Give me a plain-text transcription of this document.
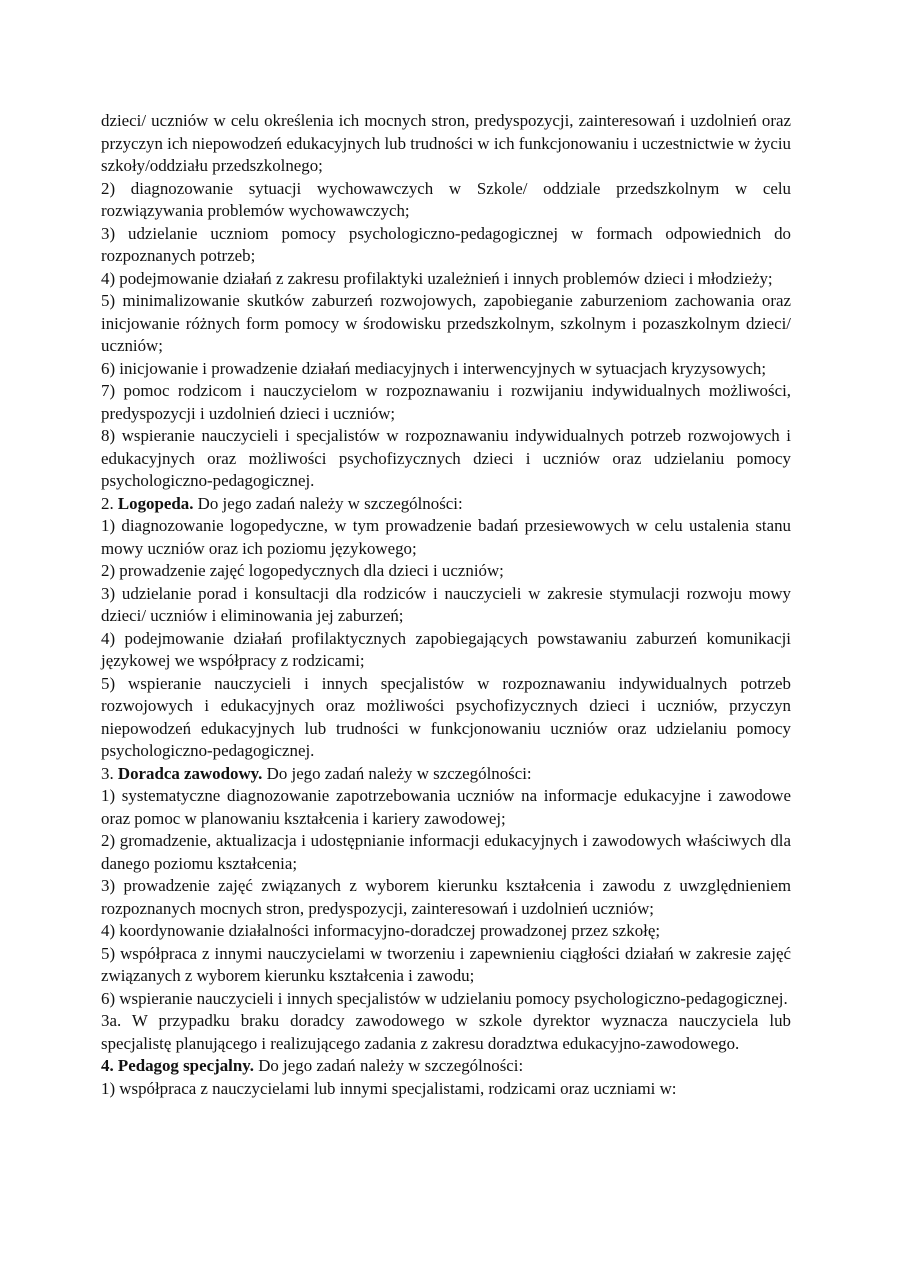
dzieci/ uczniów w celu określenia ich mocnych stron, predyspozycji, zainteresowań i uzdolnień oraz przyczyn ich niepowodzeń edukacyjnych lub trudności w ich funkcjonowaniu i uczestnictwie w życiu szkoły/oddziału przedszkolnego;

2) diagnozowanie sytuacji wychowawczych w Szkole/ oddziale przedszkolnym w celu rozwiązywania problemów wychowawczych;

3) udzielanie uczniom pomocy psychologiczno-pedagogicznej w formach odpowiednich do rozpoznanych potrzeb;

4) podejmowanie działań z zakresu profilaktyki uzależnień i innych problemów dzieci i młodzieży;

5) minimalizowanie skutków zaburzeń rozwojowych, zapobieganie zaburzeniom zachowania oraz inicjowanie różnych form pomocy w środowisku przedszkolnym, szkolnym i pozaszkolnym dzieci/ uczniów;

6) inicjowanie i prowadzenie działań mediacyjnych i interwencyjnych w sytuacjach kryzysowych;

7) pomoc rodzicom i nauczycielom w rozpoznawaniu i rozwijaniu indywidualnych możliwości, predyspozycji i uzdolnień dzieci i uczniów;

8) wspieranie nauczycieli i specjalistów w rozpoznawaniu indywidualnych potrzeb rozwojowych i edukacyjnych oraz możliwości psychofizycznych dzieci i uczniów oraz udzielaniu pomocy psychologiczno-pedagogicznej.

2. Logopeda. Do jego zadań należy w szczególności:

1) diagnozowanie logopedyczne, w tym prowadzenie badań przesiewowych w celu ustalenia stanu mowy uczniów oraz ich poziomu językowego;

2) prowadzenie zajęć logopedycznych dla dzieci i uczniów;

3) udzielanie porad i konsultacji dla rodziców i nauczycieli w zakresie stymulacji rozwoju mowy dzieci/ uczniów i eliminowania jej zaburzeń;

4) podejmowanie działań profilaktycznych zapobiegających powstawaniu zaburzeń komunikacji językowej we współpracy z rodzicami;

5) wspieranie nauczycieli i innych specjalistów w rozpoznawaniu indywidualnych potrzeb rozwojowych i edukacyjnych oraz możliwości psychofizycznych dzieci i uczniów, przyczyn niepowodzeń edukacyjnych lub trudności w funkcjonowaniu uczniów oraz udzielaniu pomocy psychologiczno-pedagogicznej.

3. Doradca zawodowy. Do jego zadań należy w szczególności:

1) systematyczne diagnozowanie zapotrzebowania uczniów na informacje edukacyjne i zawodowe oraz pomoc w planowaniu kształcenia i kariery zawodowej;

2) gromadzenie, aktualizacja i udostępnianie informacji edukacyjnych i zawodowych właściwych dla danego poziomu kształcenia;

3) prowadzenie zajęć związanych z wyborem kierunku kształcenia i zawodu z uwzględnieniem rozpoznanych mocnych stron, predyspozycji, zainteresowań i uzdolnień uczniów;

4) koordynowanie działalności informacyjno-doradczej prowadzonej przez szkołę;

5) współpraca z innymi nauczycielami w tworzeniu i zapewnieniu ciągłości działań w zakresie zajęć związanych z wyborem kierunku kształcenia i zawodu;

6) wspieranie nauczycieli i innych specjalistów w udzielaniu pomocy psychologiczno-pedagogicznej.

3a. W przypadku braku doradcy zawodowego w szkole dyrektor wyznacza nauczyciela lub specjalistę planującego i realizującego zadania z zakresu doradztwa edukacyjno-zawodowego.

4. Pedagog specjalny. Do jego zadań należy w szczególności:

1) współpraca z nauczycielami lub innymi specjalistami, rodzicami oraz uczniami w:
